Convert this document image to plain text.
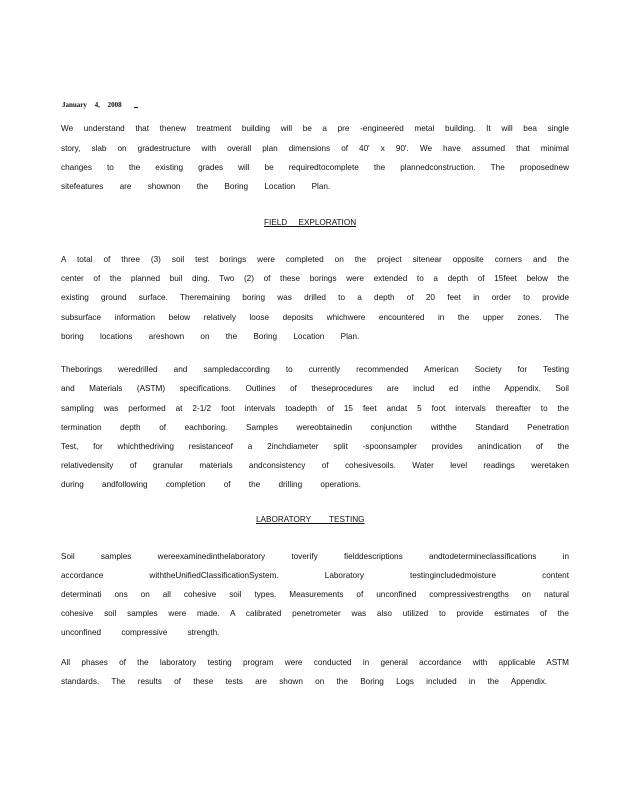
January 4, 2008
We understand that thenew treatment building will be a pre -engineered metal building. It will bea single
story, slab on gradestructure with overall plan dimensions of 40' x 90'. We have assumed that minimal
changes to the existing grades will be requiredtocomplete the plannedconstruction. The proposednew
sitefeatures are shownon the Boring Location Plan.
FIELD EXPLORATION
A total of three (3) soil test borings were completed on the project sitenear opposite corners and the
center of the planned buil ding. Two (2) of these borings were extended to a depth of 15feet below the
existing ground surface. Theremaining boring was drilled to a depth of 20 feet in order to provide
subsurface information below relatively loose deposits whichwere encountered in the upper zones. The
boring locations areshown on the Boring Location Plan.
Theborings weredrilled and sampledaccording to currently recommended American Society for Testing
and Materials (ASTM) specifications. Outlines of theseprocedures are includ ed inthe Appendix. Soil
sampling was performed at 2-1/2 foot intervals toadepth of 15 feet andat 5 foot intervals thereafter to the
termination depth of eachboring. Samples wereobtainedin conjunction withthe Standard Penetration
Test, for whichthedriving resistanceof a 2inchdiameter split -spoonsampler provides anindication of the
relativedensity of granular materials andconsistency of cohesivesoils. Water level readings weretaken
during andfollowing completion of the drilling operations.
LABORATORY TESTING
Soil samples wereexaminedinthelaboratory toverify fielddescriptions andtodetermineclassifications in
accordance withtheUnifiedClassificationSystem. Laboratory testingincludedmoisture content
determinati ons on all cohesive soil types. Measurements of unconfined compressivestrengths on natural
cohesive soil samples were made. A calibrated penetrometer was also utilized to provide estimates of the
unconfined compressive strength.
All phases of the laboratory testing program were conducted in general accordance with applicable ASTM
standards. The results of these tests are shown on the Boring Logs included in the Appendix.
